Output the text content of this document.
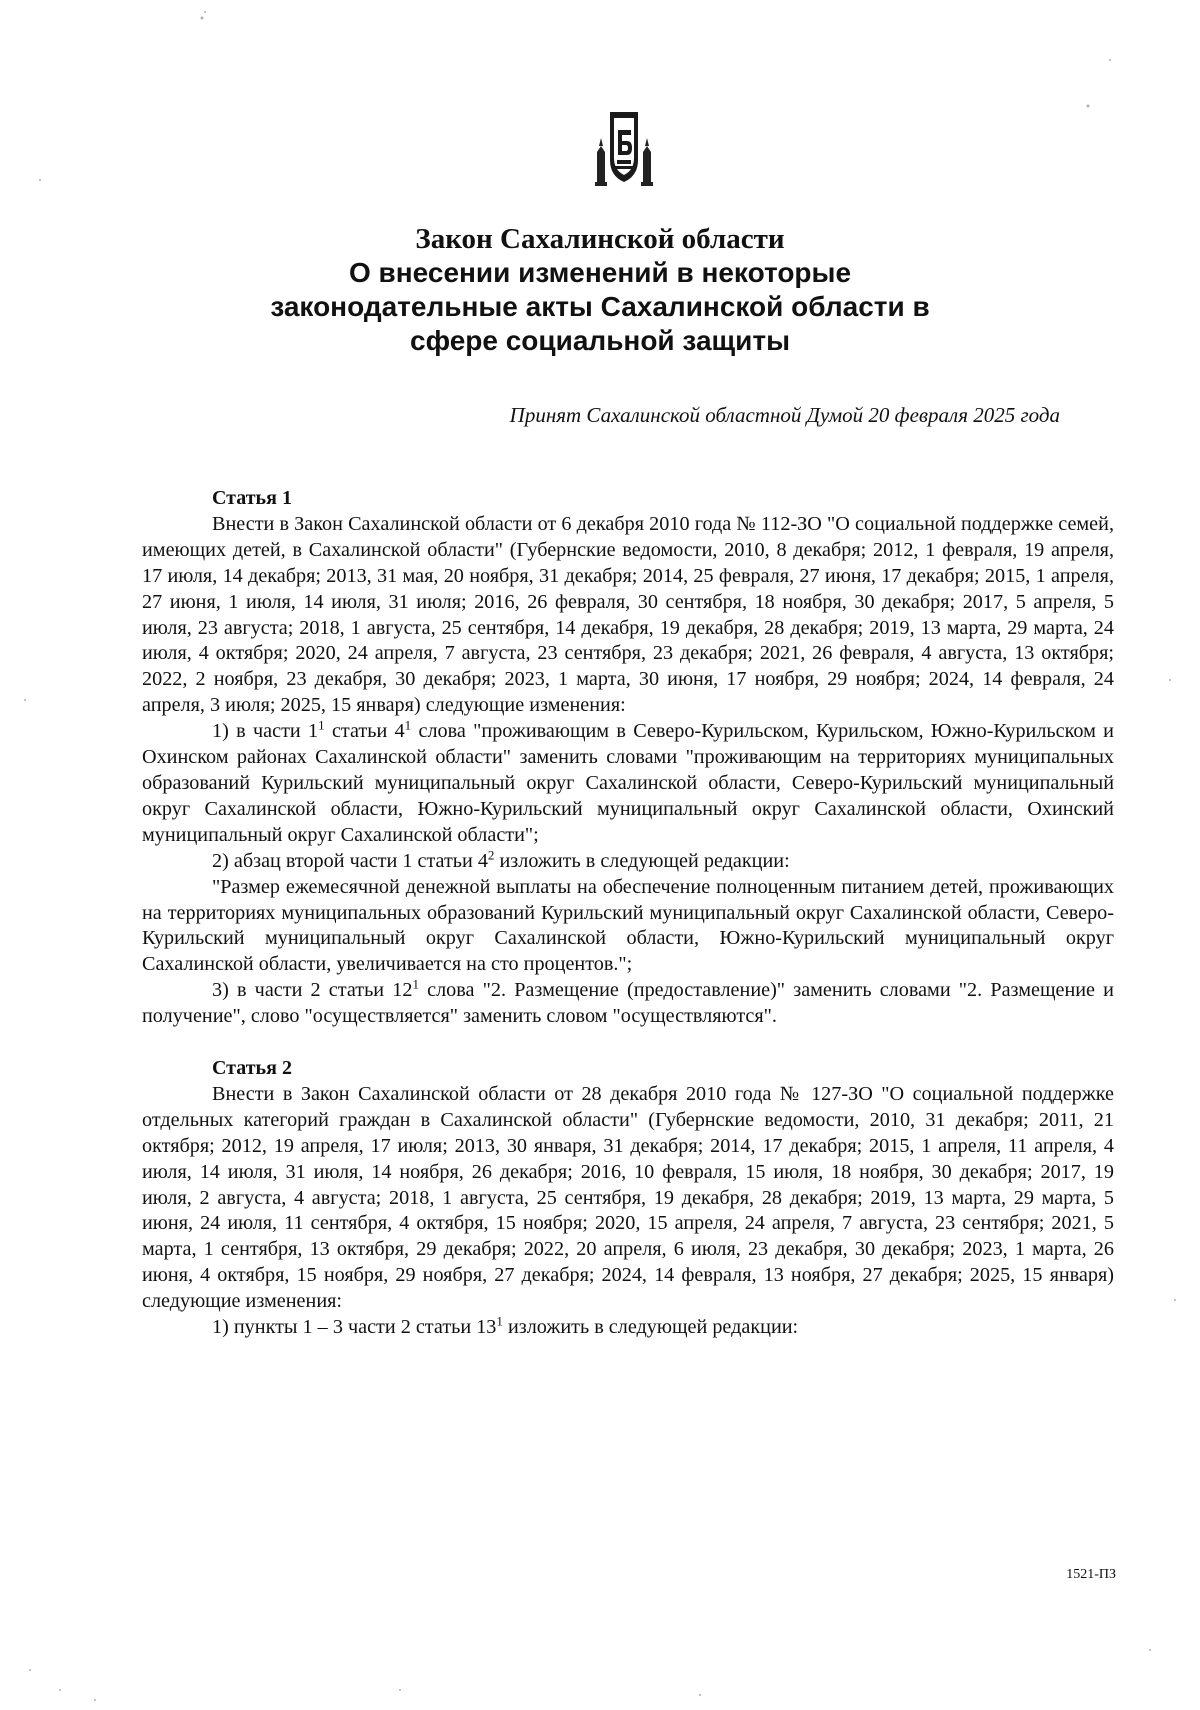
Закон Сахалинской области
О внесении изменений в некоторые
законодательные акты Сахалинской области в
сфере социальной защиты
Принят Сахалинской областной Думой 20 февраля 2025 года
Статья 1

Внести в Закон Сахалинской области от 6 декабря 2010 года № 112-ЗО "О социальной поддержке семей, имеющих детей, в Сахалинской области" (Губернские ведомости, 2010, 8 декабря; 2012, 1 февраля, 19 апреля, 17 июля, 14 декабря; 2013, 31 мая, 20 ноября, 31 декабря; 2014, 25 февраля, 27 июня, 17 декабря; 2015, 1 апреля, 27 июня, 1 июля, 14 июля, 31 июля; 2016, 26 февраля, 30 сентября, 18 ноября, 30 декабря; 2017, 5 апреля, 5 июля, 23 августа; 2018, 1 августа, 25 сентября, 14 декабря, 19 декабря, 28 декабря; 2019, 13 марта, 29 марта, 24 июля, 4 октября; 2020, 24 апреля, 7 августа, 23 сентября, 23 декабря; 2021, 26 февраля, 4 августа, 13 октября; 2022, 2 ноября, 23 декабря, 30 декабря; 2023, 1 марта, 30 июня, 17 ноября, 29 ноября; 2024, 14 февраля, 24 апреля, 3 июля; 2025, 15 января) следующие изменения:

1) в части $1^1$ статьи $4^1$ слова "проживающим в Северо-Курильском, Курильском, Южно-Курильском и Охинском районах Сахалинской области" заменить словами "проживающим на территориях муниципальных образований Курильский муниципальный округ Сахалинской области, Северо-Курильский муниципальный округ Сахалинской области, Южно-Курильский муниципальный округ Сахалинской области, Охинский муниципальный округ Сахалинской области";

2) абзац второй части 1 статьи $4^2$ изложить в следующей редакции:

"Размер ежемесячной денежной выплаты на обеспечение полноценным питанием детей, проживающих на территориях муниципальных образований Курильский муниципальный округ Сахалинской области, Северо-Курильский муниципальный округ Сахалинской области, Южно-Курильский муниципальный округ Сахалинской области, увеличивается на сто процентов.";

3) в части 2 статьи $12^1$ слова "2. Размещение (предоставление)" заменить словами "2. Размещение и получение", слово "осуществляется" заменить словом "осуществляются".

Статья 2

Внести в Закон Сахалинской области от 28 декабря 2010 года № 127-ЗО "О социальной поддержке отдельных категорий граждан в Сахалинской области" (Губернские ведомости, 2010, 31 декабря; 2011, 21 октября; 2012, 19 апреля, 17 июля; 2013, 30 января, 31 декабря; 2014, 17 декабря; 2015, 1 апреля, 11 апреля, 4 июля, 14 июля, 31 июля, 14 ноября, 26 декабря; 2016, 10 февраля, 15 июля, 18 ноября, 30 декабря; 2017, 19 июля, 2 августа, 4 августа; 2018, 1 августа, 25 сентября, 19 декабря, 28 декабря; 2019, 13 марта, 29 марта, 5 июня, 24 июля, 11 сентября, 4 октября, 15 ноября; 2020, 15 апреля, 24 апреля, 7 августа, 23 сентября; 2021, 5 марта, 1 сентября, 13 октября, 29 декабря; 2022, 20 апреля, 6 июля, 23 декабря, 30 декабря; 2023, 1 марта, 26 июня, 4 октября, 15 ноября, 29 ноября, 27 декабря; 2024, 14 февраля, 13 ноября, 27 декабря; 2025, 15 января) следующие изменения:

1) пункты 1 – 3 части 2 статьи $13^1$ изложить в следующей редакции:

1521-ПЗ
